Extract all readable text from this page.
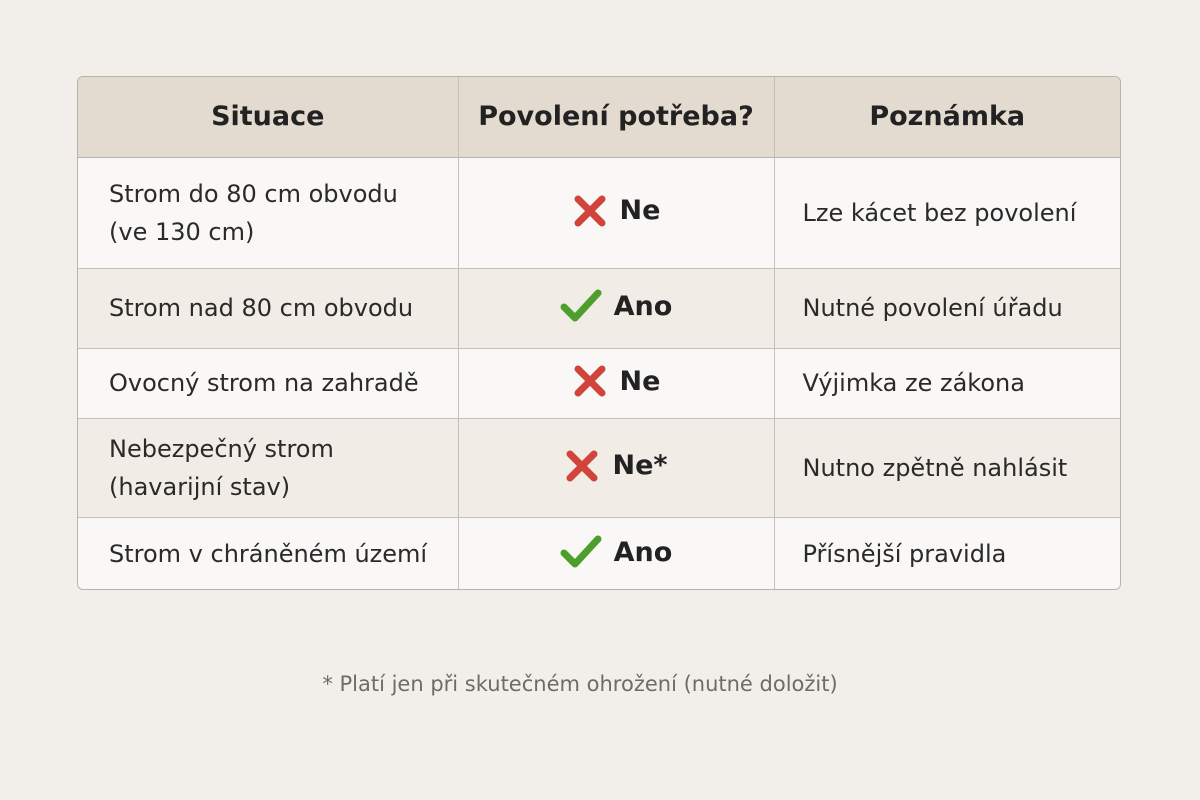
Situace	Povolení potřeba?	Poznámka

Strom do 80 cm obvodu
(ve 130 cm)	Ne	Lze kácet bez povolení

Strom nad 80 cm obvodu	Ano	Nutné povolení úřadu

Ovocný strom na zahradě	Ne	Výjimka ze zákona

Nebezpečný strom
(havarijní stav)	Ne*	Nutno zpětně nahlásit

Strom v chráněném území	Ano	Přísnější pravidla
* Platí jen při skutečném ohrožení (nutné doložit)
